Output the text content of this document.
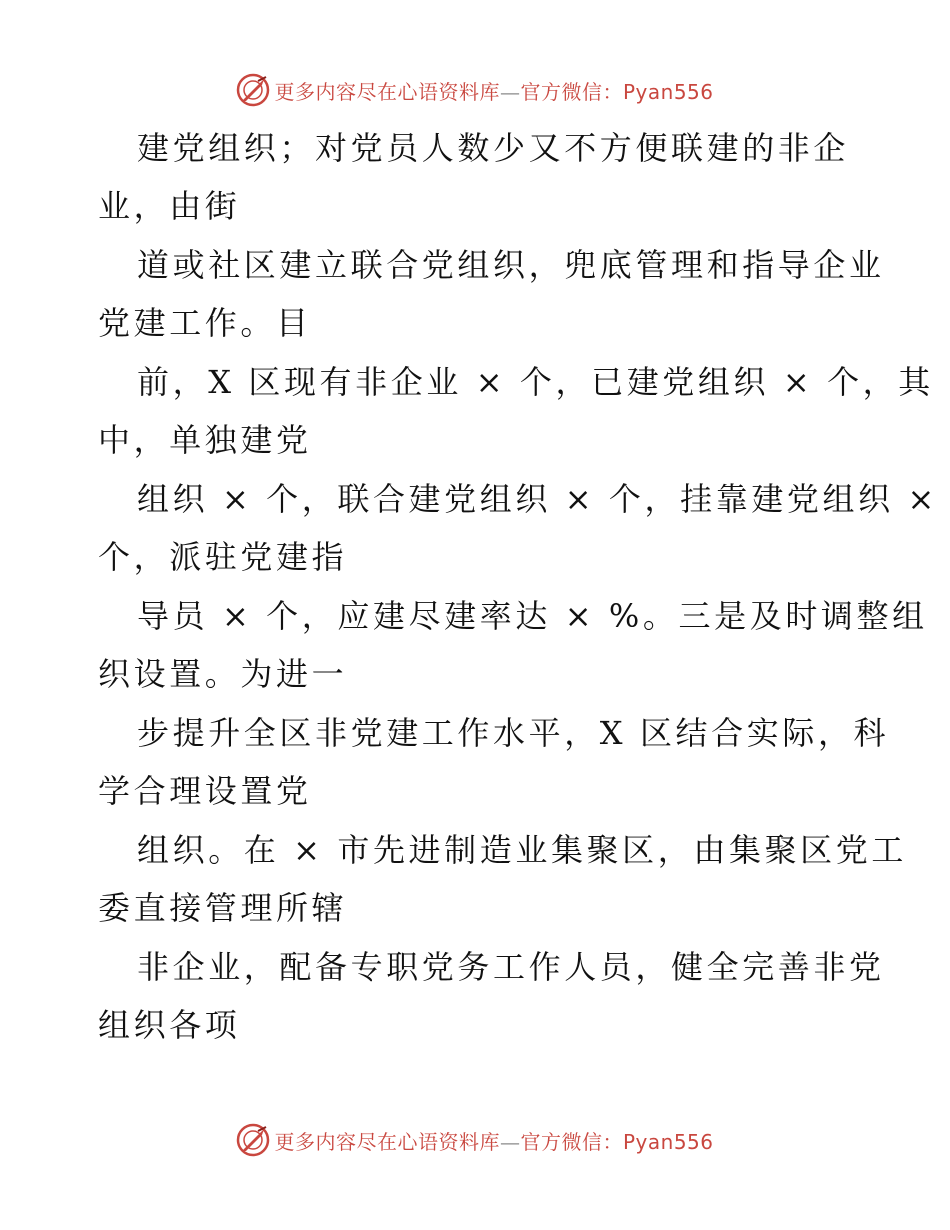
更多内容尽在心语资料库—官方微信：Pyan556
建党组织；对党员人数少又不方便联建的非企
业，由街
道或社区建立联合党组织，兜底管理和指导企业
党建工作。目
前，X 区现有非企业 × 个，已建党组织 × 个，其
中，单独建党
组织 × 个，联合建党组织 × 个，挂靠建党组织 ×
个，派驻党建指
导员 × 个，应建尽建率达 × %。三是及时调整组
织设置。为进一
步提升全区非党建工作水平，X 区结合实际，科
学合理设置党
组织。在 × 市先进制造业集聚区，由集聚区党工
委直接管理所辖
非企业，配备专职党务工作人员，健全完善非党
组织各项
更多内容尽在心语资料库—官方微信：Pyan556
